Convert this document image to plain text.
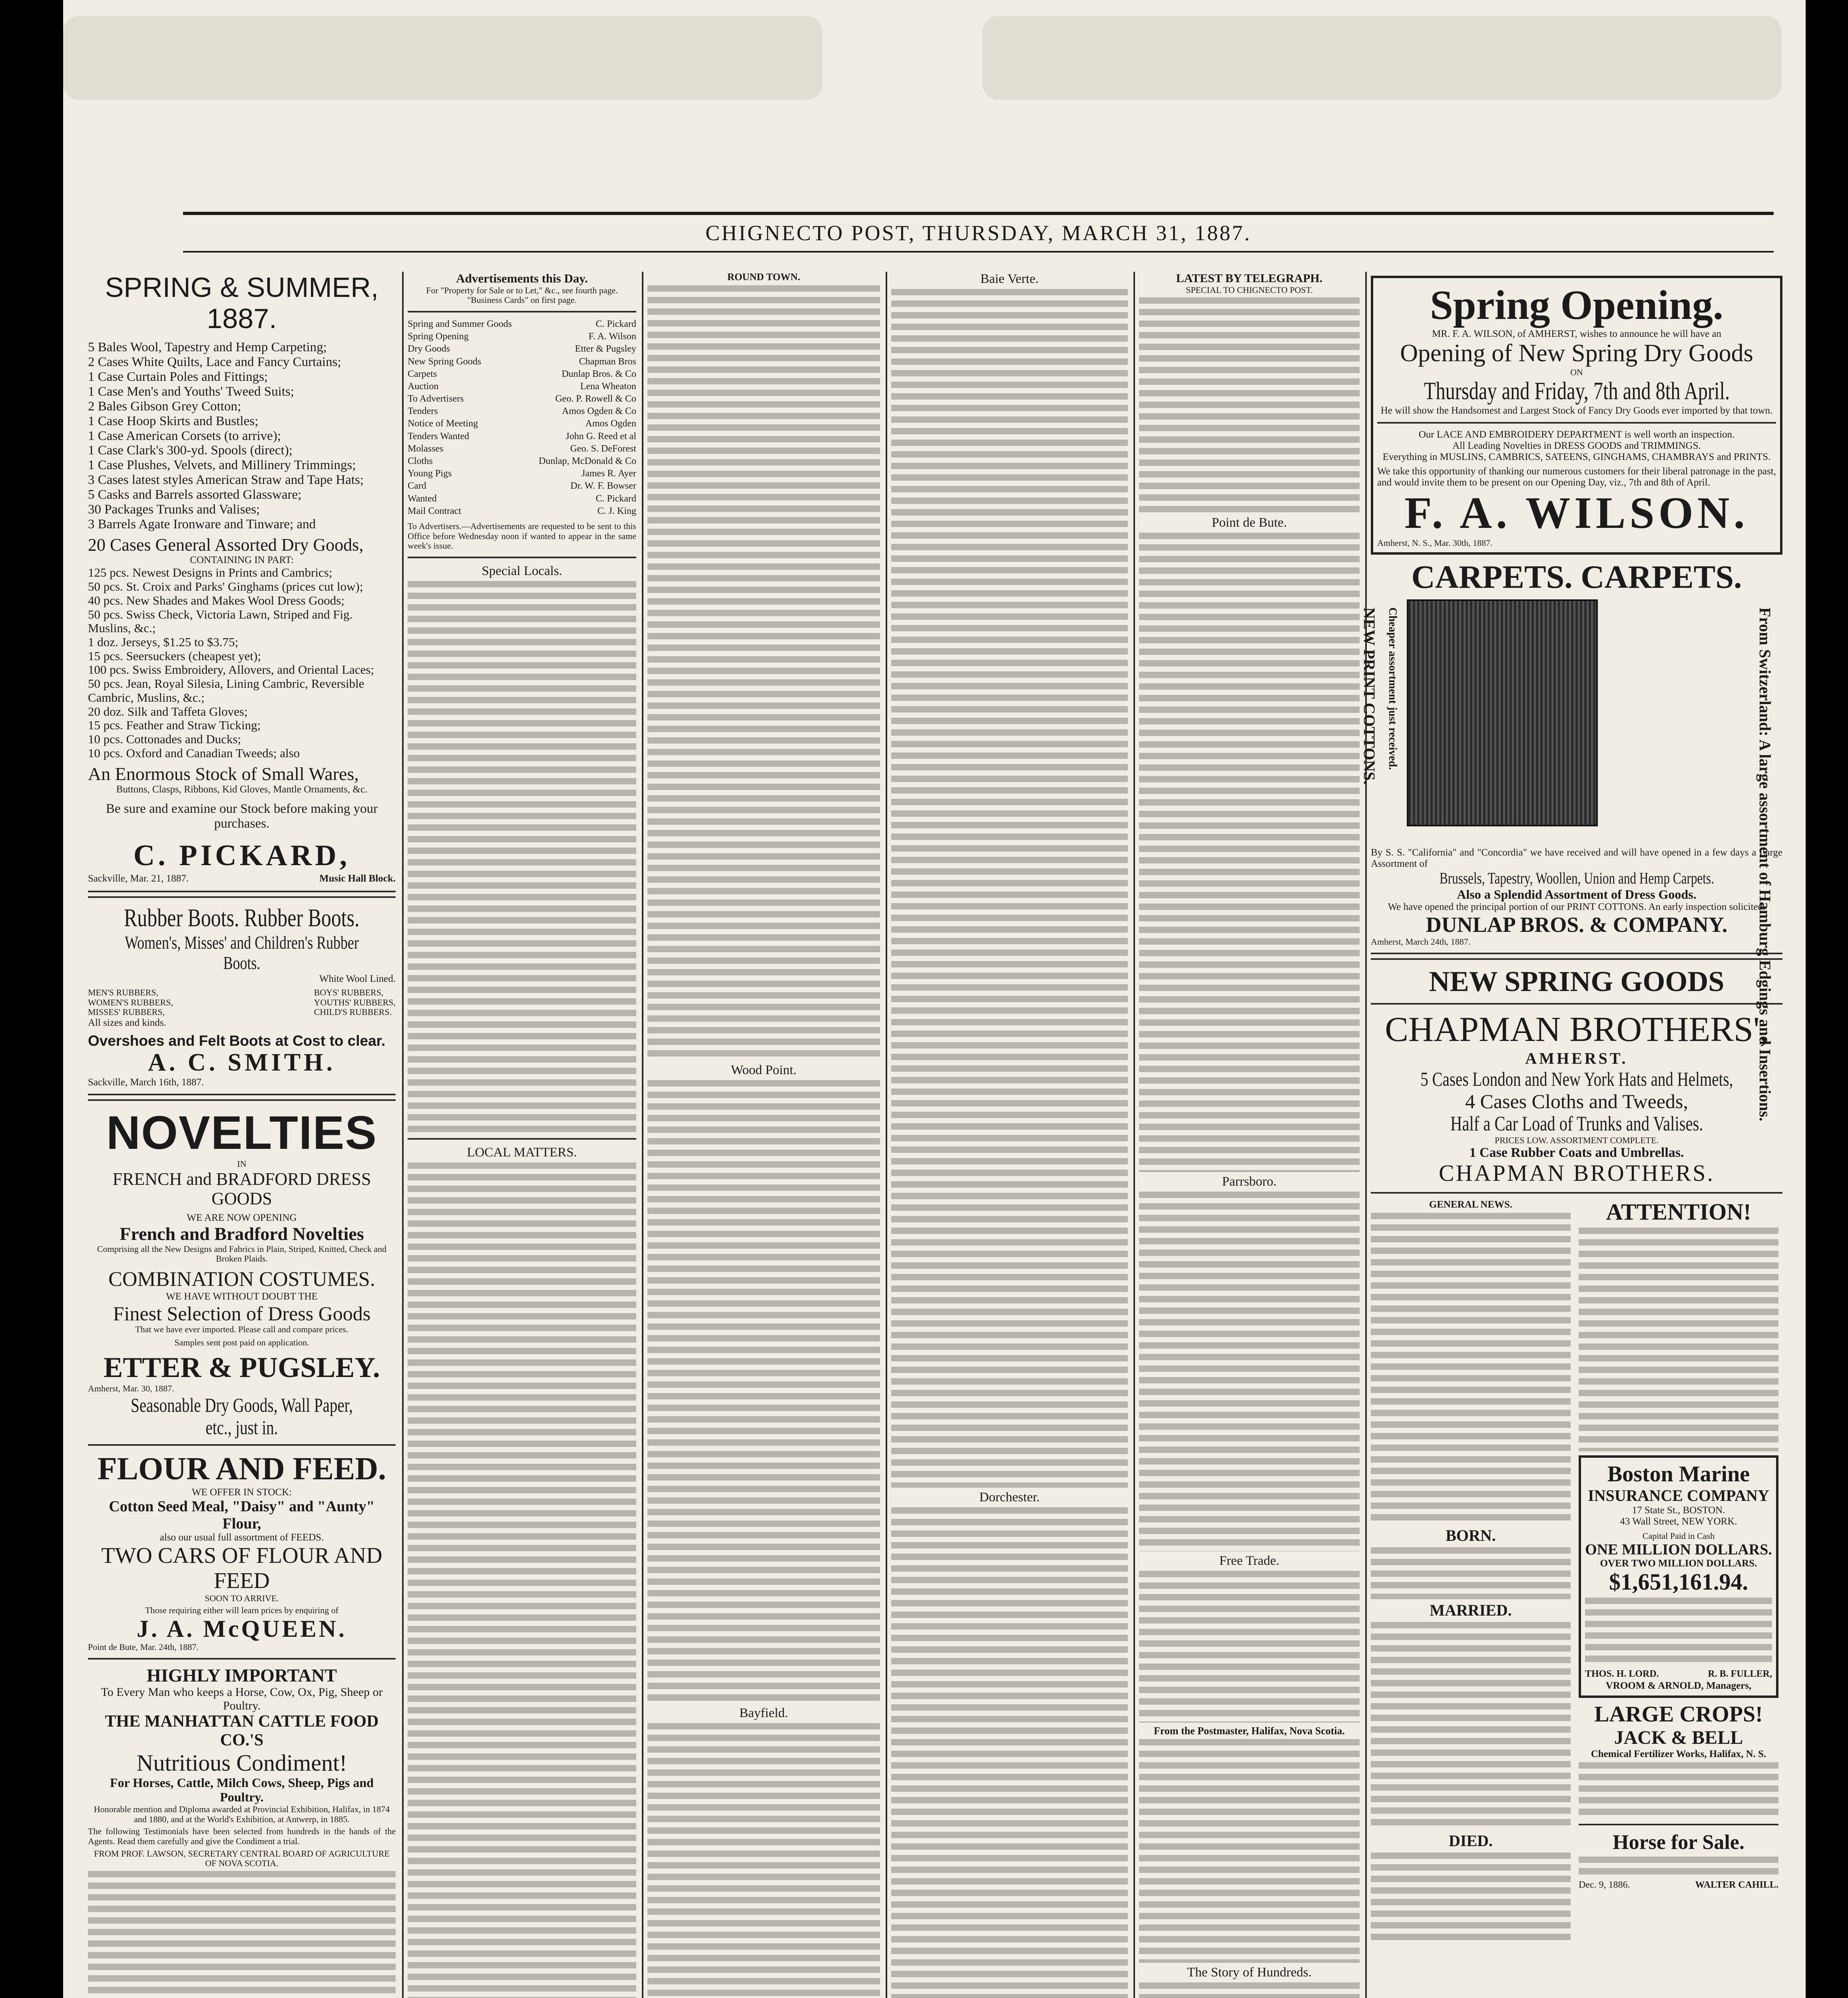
CHIGNECTO POST, THURSDAY, MARCH 31, 1887.

SPRING & SUMMER, 1887.

5 Bales Wool, Tapestry and Hemp Carpeting;

2 Cases White Quilts, Lace and Fancy Curtains;

1 Case Curtain Poles and Fittings;

1 Case Men's and Youths' Tweed Suits;

2 Bales Gibson Grey Cotton;

1 Case Hoop Skirts and Bustles;

1 Case American Corsets (to arrive);

1 Case Clark's 300-yd. Spools (direct);

1 Case Plushes, Velvets, and Millinery Trimmings;

3 Cases latest styles American Straw and Tape Hats;

5 Casks and Barrels assorted Glassware;

30 Packages Trunks and Valises;

3 Barrels Agate Ironware and Tinware; and

20 Cases General Assorted Dry Goods,

CONTAINING IN PART:

125 pcs. Newest Designs in Prints and Cambrics;

50 pcs. St. Croix and Parks' Ginghams (prices cut low);

40 pcs. New Shades and Makes Wool Dress Goods;

50 pcs. Swiss Check, Victoria Lawn, Striped and Fig. Muslins, &c.;

1 doz. Jerseys, $1.25 to $3.75;

15 pcs. Seersuckers (cheapest yet);

100 pcs. Swiss Embroidery, Allovers, and Oriental Laces;

50 pcs. Jean, Royal Silesia, Lining Cambric, Reversible Cambric, Muslins, &c.;

20 doz. Silk and Taffeta Gloves;

15 pcs. Feather and Straw Ticking;

10 pcs. Cottonades and Ducks;

10 pcs. Oxford and Canadian Tweeds; also

An Enormous Stock of Small Wares,

Buttons, Clasps, Ribbons, Kid Gloves, Mantle Ornaments, &c.

Be sure and examine our Stock before making your purchases.

C. PICKARD,

Sackville, Mar. 21, 1887.	Music Hall Block.

Rubber Boots. Rubber Boots.

Women's, Misses' and Children's Rubber Boots.

White Wool Lined.

MEN'S RUBBERS,

WOMEN'S RUBBERS,

MISSES' RUBBERS,

BOYS' RUBBERS,

YOUTHS' RUBBERS,

CHILD'S RUBBERS.

All sizes and kinds.

Overshoes and Felt Boots at Cost to clear.

A. C. SMITH.

Sackville, March 16th, 1887.

NOVELTIES

IN

FRENCH and BRADFORD DRESS GOODS

WE ARE NOW OPENING

French and Bradford Novelties

Comprising all the New Designs and Fabrics in Plain, Striped, Knitted, Check and Broken Plaids.

COMBINATION COSTUMES.

WE HAVE WITHOUT DOUBT THE

Finest Selection of Dress Goods

That we have ever imported. Please call and compare prices.

Samples sent post paid on application.

ETTER & PUGSLEY.

Amherst, Mar. 30, 1887.

Seasonable Dry Goods, Wall Paper, etc., just in.

FLOUR AND FEED.

WE OFFER IN STOCK:

Cotton Seed Meal, "Daisy" and "Aunty" Flour,

also our usual full assortment of FEEDS.

TWO CARS OF FLOUR AND FEED

SOON TO ARRIVE.

Those requiring either will learn prices by enquiring of

J. A. McQUEEN.

Point de Bute, Mar. 24th, 1887.

HIGHLY IMPORTANT

To Every Man who keeps a Horse, Cow, Ox, Pig, Sheep or Poultry.

THE MANHATTAN CATTLE FOOD CO.'S

Nutritious Condiment!

For Horses, Cattle, Milch Cows, Sheep, Pigs and Poultry.

Honorable mention and Diploma awarded at Provincial Exhibition, Halifax, in 1874 and 1880, and at the World's Exhibition, at Antwerp, in 1885.

The following Testimonials have been selected from hundreds in the hands of the Agents. Read them carefully and give the Condiment a trial.

FROM PROF. LAWSON, SECRETARY CENTRAL BOARD OF AGRICULTURE OF NOVA SCOTIA.

Advertisements this Day.

For "Property for Sale or to Let," &c., see fourth page. "Business Cards" on first page.

Spring and Summer Goods	C. Pickard
Spring Opening	F. A. Wilson
Dry Goods	Etter & Pugsley
New Spring Goods	Chapman Bros
Carpets	Dunlap Bros. & Co
Auction	Lena Wheaton
To Advertisers	Geo. P. Rowell & Co
Tenders	Amos Ogden & Co
Notice of Meeting	Amos Ogden
Tenders Wanted	John G. Reed et al
Molasses	Geo. S. DeForest
Cloths	Dunlap, McDonald & Co
Young Pigs	James R. Ayer
Card	Dr. W. F. Bowser
Wanted	C. Pickard
Mail Contract	C. J. King

To Advertisers.—Advertisements are requested to be sent to this Office before Wednesday noon if wanted to appear in the same week's issue.

Special Locals.

LOCAL MATTERS.

ROUND TOWN.

Wood Point.

Bayfield.

Baie Verte.

Dorchester.

LATEST BY TELEGRAPH.

SPECIAL TO CHIGNECTO POST.

Point de Bute.

Parrsboro.

Free Trade.

From the Postmaster, Halifax, Nova Scotia.

The Story of Hundreds.

Spring Opening.

MR. F. A. WILSON, of AMHERST, wishes to announce he will have an

Opening of New Spring Dry Goods

ON

Thursday and Friday, 7th and 8th April.

He will show the Handsomest and Largest Stock of Fancy Dry Goods ever imported by that town.

Our LACE AND EMBROIDERY DEPARTMENT is well worth an inspection.

All Leading Novelties in DRESS GOODS and TRIMMINGS.

Everything in MUSLINS, CAMBRICS, SATEENS, GINGHAMS, CHAMBRAYS and PRINTS.

We take this opportunity of thanking our numerous customers for their liberal patronage in the past, and would invite them to be present on our Opening Day, viz., 7th and 8th of April.

F. A. WILSON.

Amherst, N. S., Mar. 30th, 1887.

CARPETS. CARPETS.

NEW PRINT COTTONS. Cheaper assortment just received.	From Switzerland: A large assortment of Hamburg Edgings and Insertions.

By S. S. "California" and "Concordia" we have received and will have opened in a few days a Large Assortment of

Brussels, Tapestry, Woollen, Union and Hemp Carpets.

Also a Splendid Assortment of Dress Goods.

We have opened the principal portion of our PRINT COTTONS. An early inspection solicited.

DUNLAP BROS. & COMPANY.

Amherst, March 24th, 1887.

NEW SPRING GOODS

CHAPMAN BROTHERS',

AMHERST.

5 Cases London and New York Hats and Helmets,

4 Cases Cloths and Tweeds,

Half a Car Load of Trunks and Valises.

PRICES LOW. ASSORTMENT COMPLETE.

1 Case Rubber Coats and Umbrellas.

CHAPMAN BROTHERS.

GENERAL NEWS.

BORN.

MARRIED.

DIED.

ATTENTION!

Boston Marine

INSURANCE COMPANY

17 State St., BOSTON.

43 Wall Street, NEW YORK.

Capital Paid in Cash

ONE MILLION DOLLARS.

OVER TWO MILLION DOLLARS.

$1,651,161.94.

THOS. H. LORD.	R. B. FULLER,

VROOM & ARNOLD, Managers,

LARGE CROPS!

JACK & BELL

Chemical Fertilizer Works, Halifax, N. S.

Horse for Sale.

Dec. 9, 1886.	WALTER CAHILL.
